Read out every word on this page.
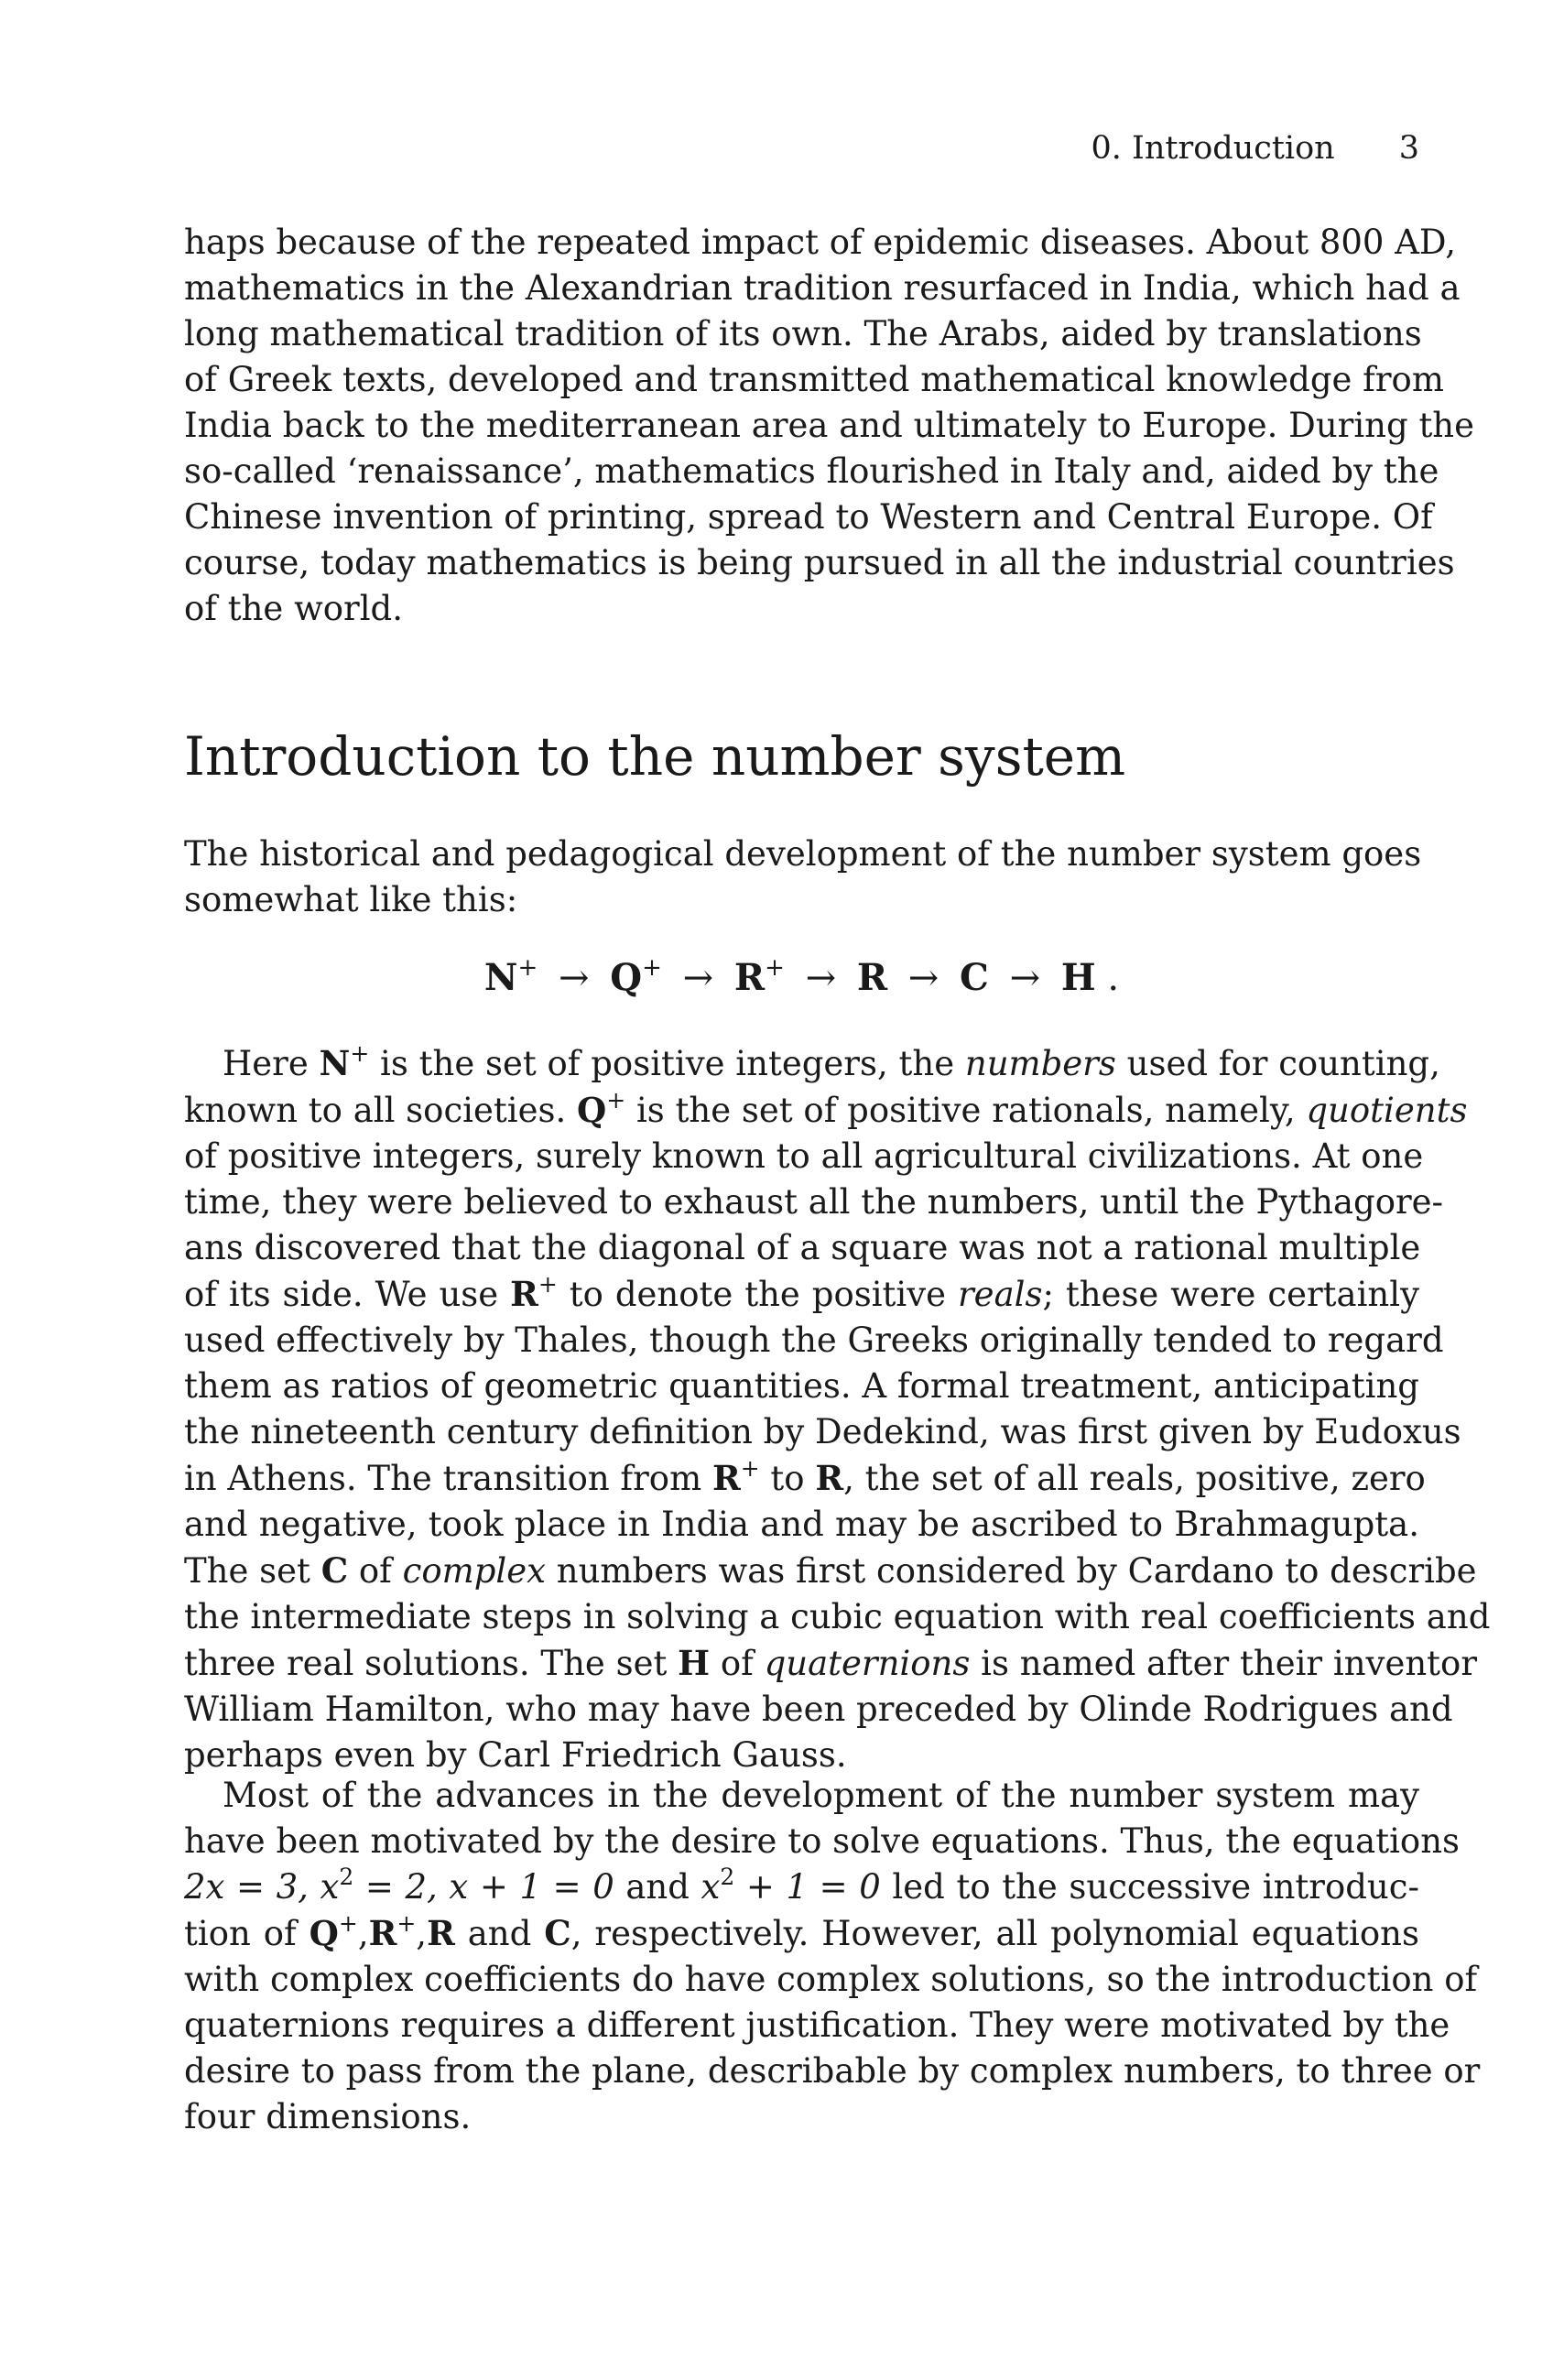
0. Introduction 3
haps because of the repeated impact of epidemic diseases. About 800 AD,
mathematics in the Alexandrian tradition resurfaced in India, which had a
long mathematical tradition of its own. The Arabs, aided by translations
of Greek texts, developed and transmitted mathematical knowledge from
India back to the mediterranean area and ultimately to Europe. During the
so-called ‘renaissance’, mathematics flourished in Italy and, aided by the
Chinese invention of printing, spread to Western and Central Europe. Of
course, today mathematics is being pursued in all the industrial countries
of the world.
Introduction to the number system
The historical and pedagogical development of the number system goes
somewhat like this:
N+ → Q+ → R+ → R → C → H .
Here N+ is the set of positive integers, the numbers used for counting,
known to all societies. Q+ is the set of positive rationals, namely, quotients
of positive integers, surely known to all agricultural civilizations. At one
time, they were believed to exhaust all the numbers, until the Pythagore-
ans discovered that the diagonal of a square was not a rational multiple
of its side. We use R+ to denote the positive reals; these were certainly
used effectively by Thales, though the Greeks originally tended to regard
them as ratios of geometric quantities. A formal treatment, anticipating
the nineteenth century definition by Dedekind, was first given by Eudoxus
in Athens. The transition from R+ to R, the set of all reals, positive, zero
and negative, took place in India and may be ascribed to Brahmagupta.
The set C of complex numbers was first considered by Cardano to describe
the intermediate steps in solving a cubic equation with real coefficients and
three real solutions. The set H of quaternions is named after their inventor
William Hamilton, who may have been preceded by Olinde Rodrigues and
perhaps even by Carl Friedrich Gauss.
Most of the advances in the development of the number system may
have been motivated by the desire to solve equations. Thus, the equations
2x = 3, $x^2 = 2$, x + 1 = 0 and $x^2 + 1 = 0$ led to the successive introduc-
tion of Q+,R+,R and C, respectively. However, all polynomial equations
with complex coefficients do have complex solutions, so the introduction of
quaternions requires a different justification. They were motivated by the
desire to pass from the plane, describable by complex numbers, to three or
four dimensions.
